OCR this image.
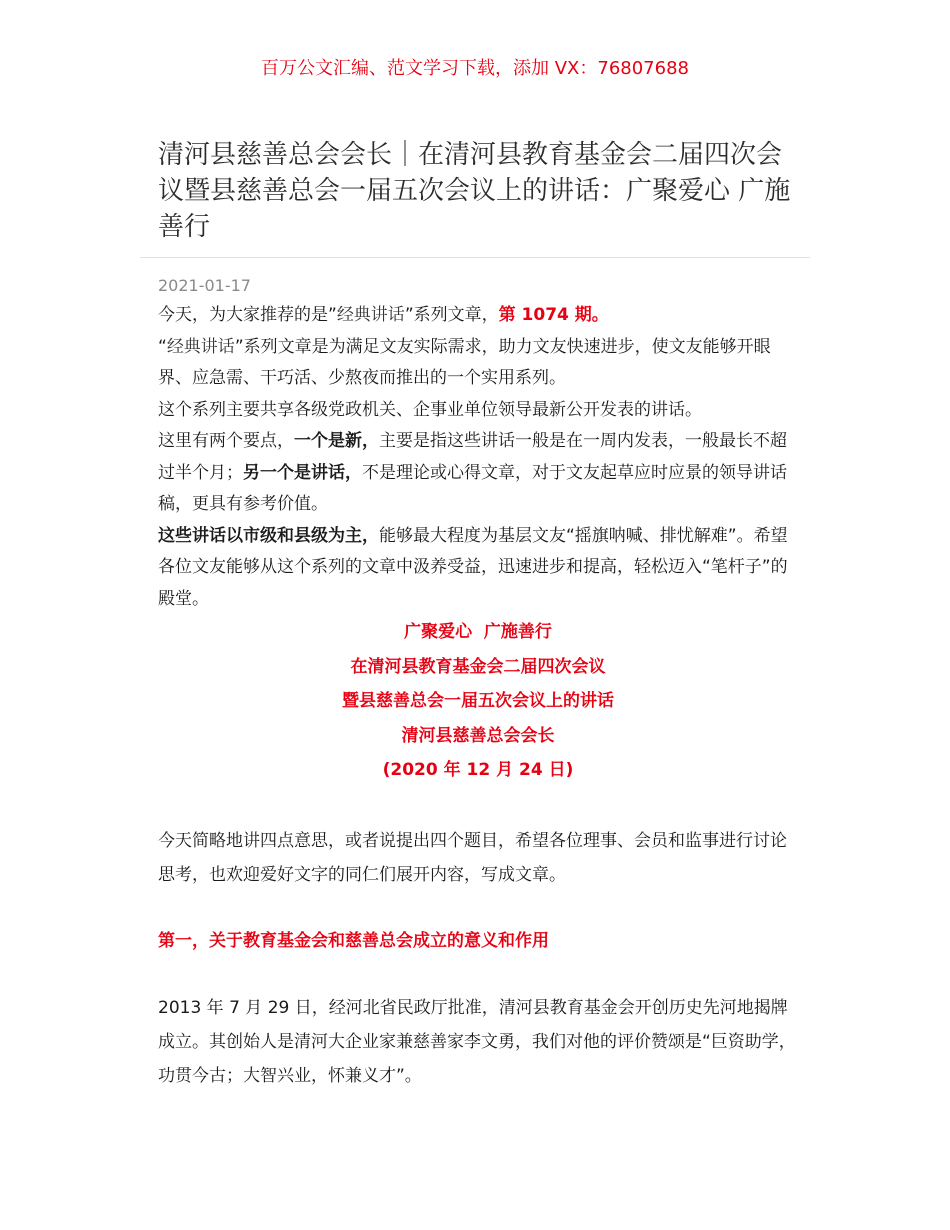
百万公文汇编、范文学习下载，添加 VX：76807688
清河县慈善总会会长｜在清河县教育基金会二届四次会议暨县慈善总会一届五次会议上的讲话：广聚爱心 广施善行
2021-01-17

今天，为大家推荐的是”经典讲话”系列文章，第 1074 期。

“经典讲话”系列文章是为满足文友实际需求，助力文友快速进步，使文友能够开眼界、应急需、干巧活、少熬夜而推出的一个实用系列。

这个系列主要共享各级党政机关、企事业单位领导最新公开发表的讲话。

这里有两个要点，一个是新，主要是指这些讲话一般是在一周内发表，一般最长不超过半个月；另一个是讲话，不是理论或心得文章，对于文友起草应时应景的领导讲话稿，更具有参考价值。

这些讲话以市级和县级为主，能够最大程度为基层文友“摇旗呐喊、排忧解难”。希望各位文友能够从这个系列的文章中汲养受益，迅速进步和提高，轻松迈入“笔杆子”的殿堂。

广聚爱心  广施善行

在清河县教育基金会二届四次会议

暨县慈善总会一届五次会议上的讲话

清河县慈善总会会长

(2020 年 12 月 24 日)

今天简略地讲四点意思，或者说提出四个题目，希望各位理事、会员和监事进行讨论思考，也欢迎爱好文字的同仁们展开内容，写成文章。

第一，关于教育基金会和慈善总会成立的意义和作用

2013 年 7 月 29 日，经河北省民政厅批准，清河县教育基金会开创历史先河地揭牌成立。其创始人是清河大企业家兼慈善家李文勇，我们对他的评价赞颂是“巨资助学，功贯今古；大智兴业，怀兼义才”。
